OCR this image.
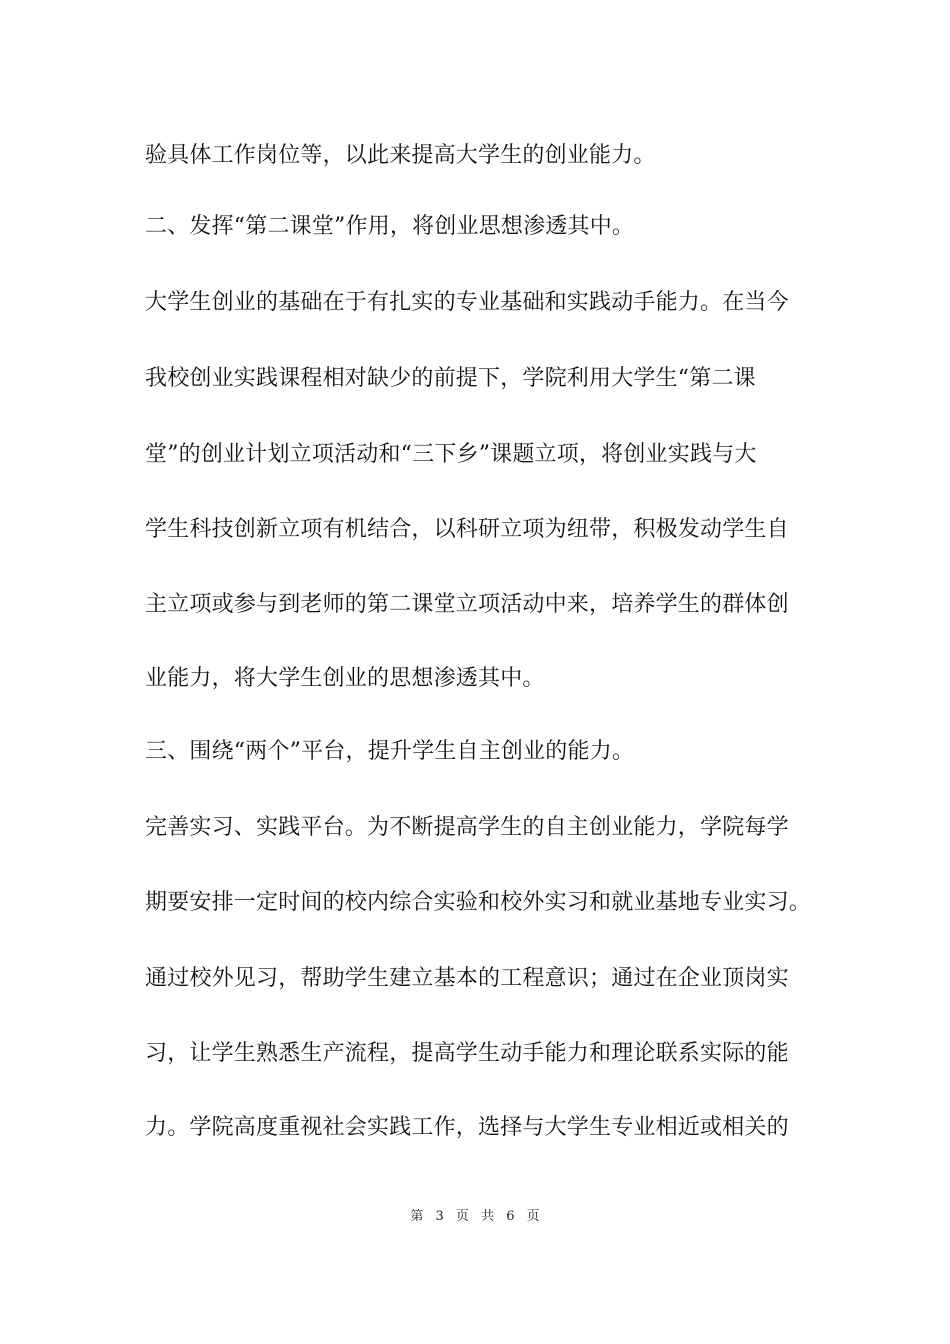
验具体工作岗位等，以此来提高大学生的创业能力。
二、发挥“第二课堂”作用，将创业思想渗透其中。
大学生创业的基础在于有扎实的专业基础和实践动手能力。在当今
我校创业实践课程相对缺少的前提下，学院利用大学生“第二课
堂”的创业计划立项活动和“三下乡”课题立项，将创业实践与大
学生科技创新立项有机结合，以科研立项为纽带，积极发动学生自
主立项或参与到老师的第二课堂立项活动中来，培养学生的群体创
业能力，将大学生创业的思想渗透其中。
三、围绕“两个”平台，提升学生自主创业的能力。
完善实习、实践平台。为不断提高学生的自主创业能力，学院每学
期要安排一定时间的校内综合实验和校外实习和就业基地专业实习。
通过校外见习，帮助学生建立基本的工程意识；通过在企业顶岗实
习，让学生熟悉生产流程，提高学生动手能力和理论联系实际的能
力。学院高度重视社会实践工作，选择与大学生专业相近或相关的
第 3 页 共 6 页
